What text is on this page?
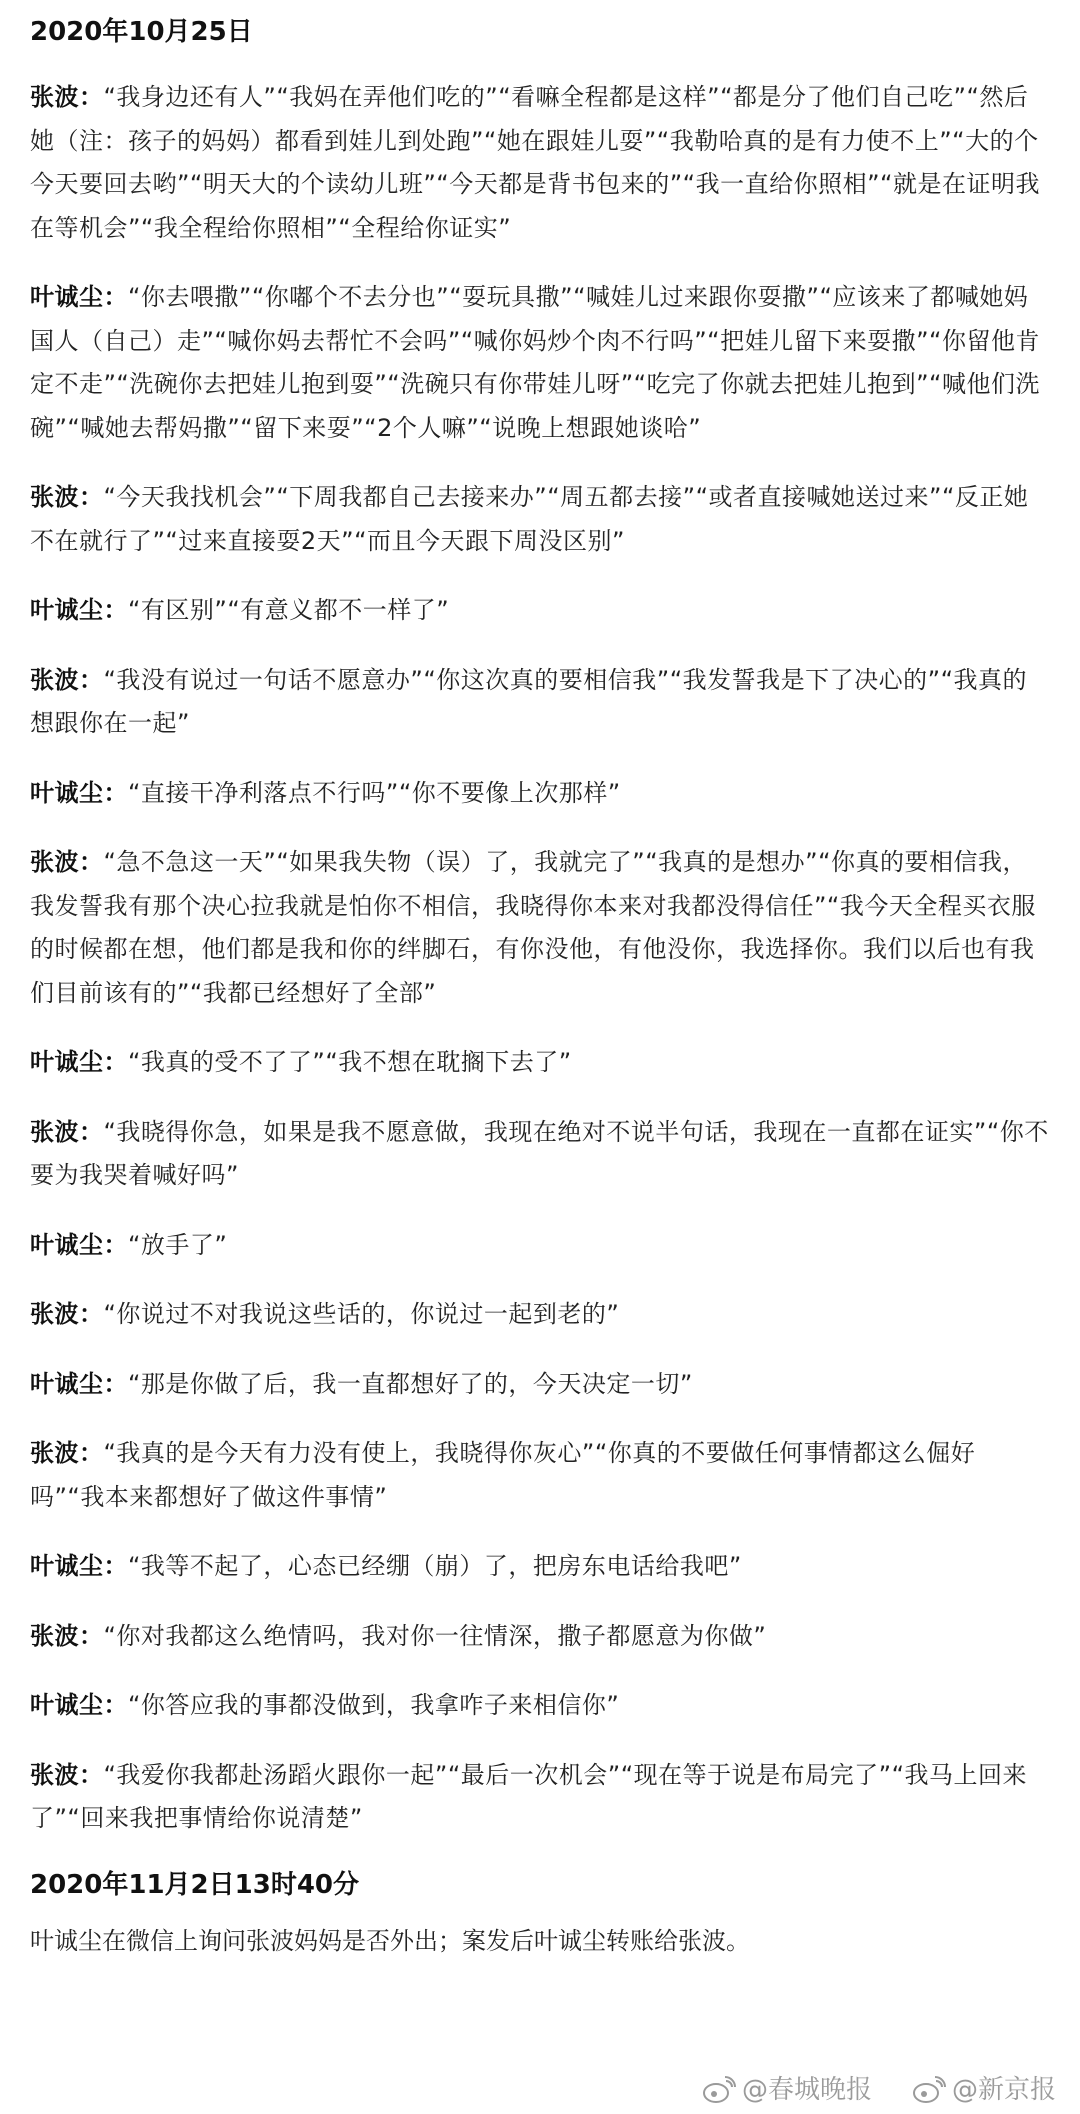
2020年10月25日

张波：“我身边还有人”“我妈在弄他们吃的”“看嘛全程都是这样”“都是分了他们自己吃”“然后她（注：孩子的妈妈）都看到娃儿到处跑”“她在跟娃儿耍”“我勒哈真的是有力使不上”“大的个今天要回去哟”“明天大的个读幼儿班”“今天都是背书包来的”“我一直给你照相”“就是在证明我在等机会”“我全程给你照相”“全程给你证实”

叶诚尘：“你去喂撒”“你嘟个不去分也”“耍玩具撒”“喊娃儿过来跟你耍撒”“应该来了都喊她妈国人（自己）走”“喊你妈去帮忙不会吗”“喊你妈炒个肉不行吗”“把娃儿留下来耍撒”“你留他肯定不走”“洗碗你去把娃儿抱到耍”“洗碗只有你带娃儿呀”“吃完了你就去把娃儿抱到”“喊他们洗碗”“喊她去帮妈撒”“留下来耍”“2个人嘛”“说晚上想跟她谈哈”

张波：“今天我找机会”“下周我都自己去接来办”“周五都去接”“或者直接喊她送过来”“反正她不在就行了”“过来直接耍2天”“而且今天跟下周没区别”

叶诚尘：“有区别”“有意义都不一样了”

张波：“我没有说过一句话不愿意办”“你这次真的要相信我”“我发誓我是下了决心的”“我真的想跟你在一起”

叶诚尘：“直接干净利落点不行吗”“你不要像上次那样”

张波：“急不急这一天”“如果我失物（误）了，我就完了”“我真的是想办”“你真的要相信我，我发誓我有那个决心拉我就是怕你不相信，我晓得你本来对我都没得信任”“我今天全程买衣服的时候都在想，他们都是我和你的绊脚石，有你没他，有他没你，我选择你。我们以后也有我们目前该有的”“我都已经想好了全部”

叶诚尘：“我真的受不了了”“我不想在耽搁下去了”

张波：“我晓得你急，如果是我不愿意做，我现在绝对不说半句话，我现在一直都在证实”“你不要为我哭着喊好吗”

叶诚尘：“放手了”

张波：“你说过不对我说这些话的，你说过一起到老的”

叶诚尘：“那是你做了后，我一直都想好了的，今天决定一切”

张波：“我真的是今天有力没有使上，我晓得你灰心”“你真的不要做任何事情都这么倔好吗”“我本来都想好了做这件事情”

叶诚尘：“我等不起了，心态已经绷（崩）了，把房东电话给我吧”

张波：“你对我都这么绝情吗，我对你一往情深，撒子都愿意为你做”

叶诚尘：“你答应我的事都没做到，我拿咋子来相信你”

张波：“我爱你我都赴汤蹈火跟你一起”“最后一次机会”“现在等于说是布局完了”“我马上回来了”“回来我把事情给你说清楚”

2020年11月2日13时40分

叶诚尘在微信上询问张波妈妈是否外出；案发后叶诚尘转账给张波。

@春城晚报	@新京报
